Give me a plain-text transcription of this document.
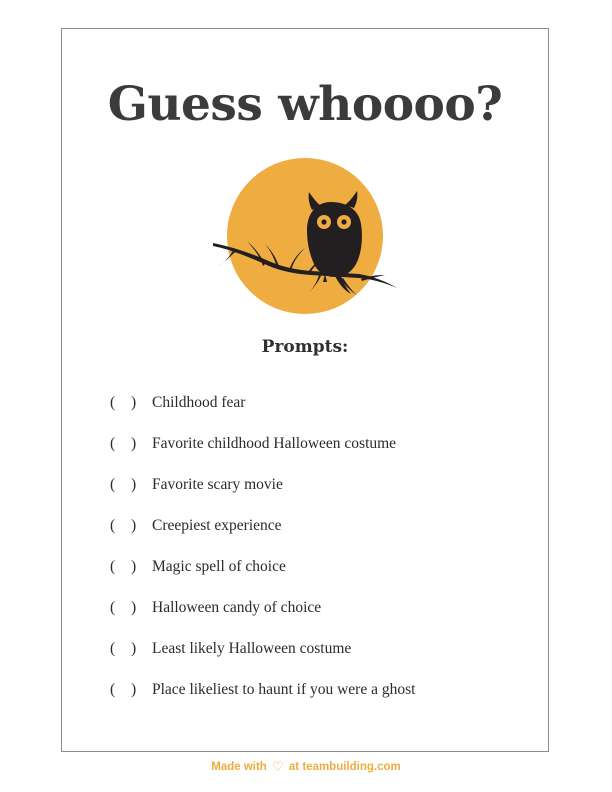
Guess whoooo?
Prompts:
( ) Childhood fear
( ) Favorite childhood Halloween costume
( ) Favorite scary movie
( ) Creepiest experience
( ) Magic spell of choice
( ) Halloween candy of choice
( ) Least likely Halloween costume
( ) Place likeliest to haunt if you were a ghost
Made with ♡ at teambuilding.com
